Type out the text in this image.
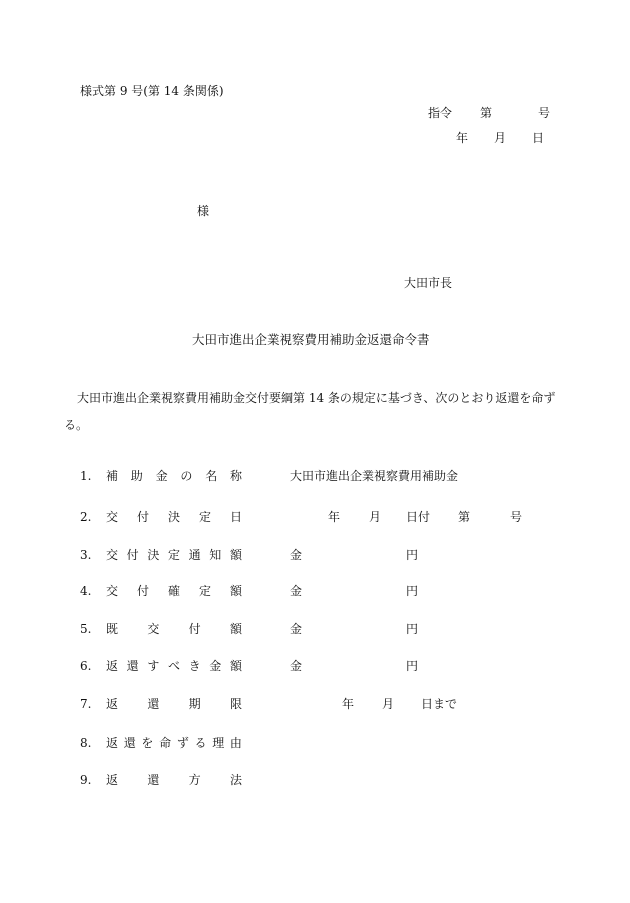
様式第 9 号(第 14 条関係)
指令 第	号
年 月 日
様
大田市長
大田市進出企業視察費用補助金返還命令書
大田市進出企業視察費用補助金交付要綱第 14 条の規定に基づき、次のとおり返還を命ずる。
1.	補 助 金 の 名 称	大田市進出企業視察費用補助金
2.	交 付 決 定 日	年 月 日付 第	号
3.	交 付 決 定 通 知 額	金	円
4.	交 付 確 定 額	金	円
5.	既 交 付 額	金	円
6.	返 還 す べ き 金 額	金	円
7.	返 還 期 限	年 月 日まで
8.	返 還 を 命 ず る 理 由
9.	返 還 方 法
